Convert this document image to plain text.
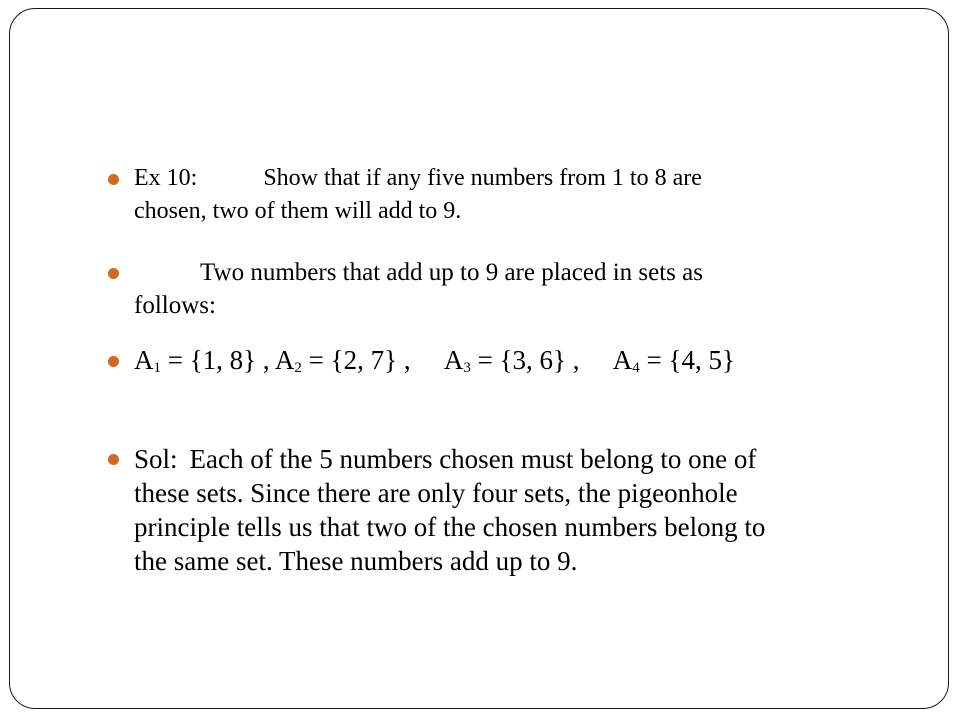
Ex 10:	Show that if any five numbers from 1 to 8 are
chosen, two of them will add to 9.
Two numbers that add up to 9 are placed in sets as
follows:
$A_1 = \{1$, 8} , $A_2 = \{2$, 7} , $A_3 = \{3$, 6} , $A_4 = \{4$, 5}
Sol: Each of the 5 numbers chosen must belong to one of
these sets. Since there are only four sets, the pigeonhole
principle tells us that two of the chosen numbers belong to
the same set. These numbers add up to 9.
